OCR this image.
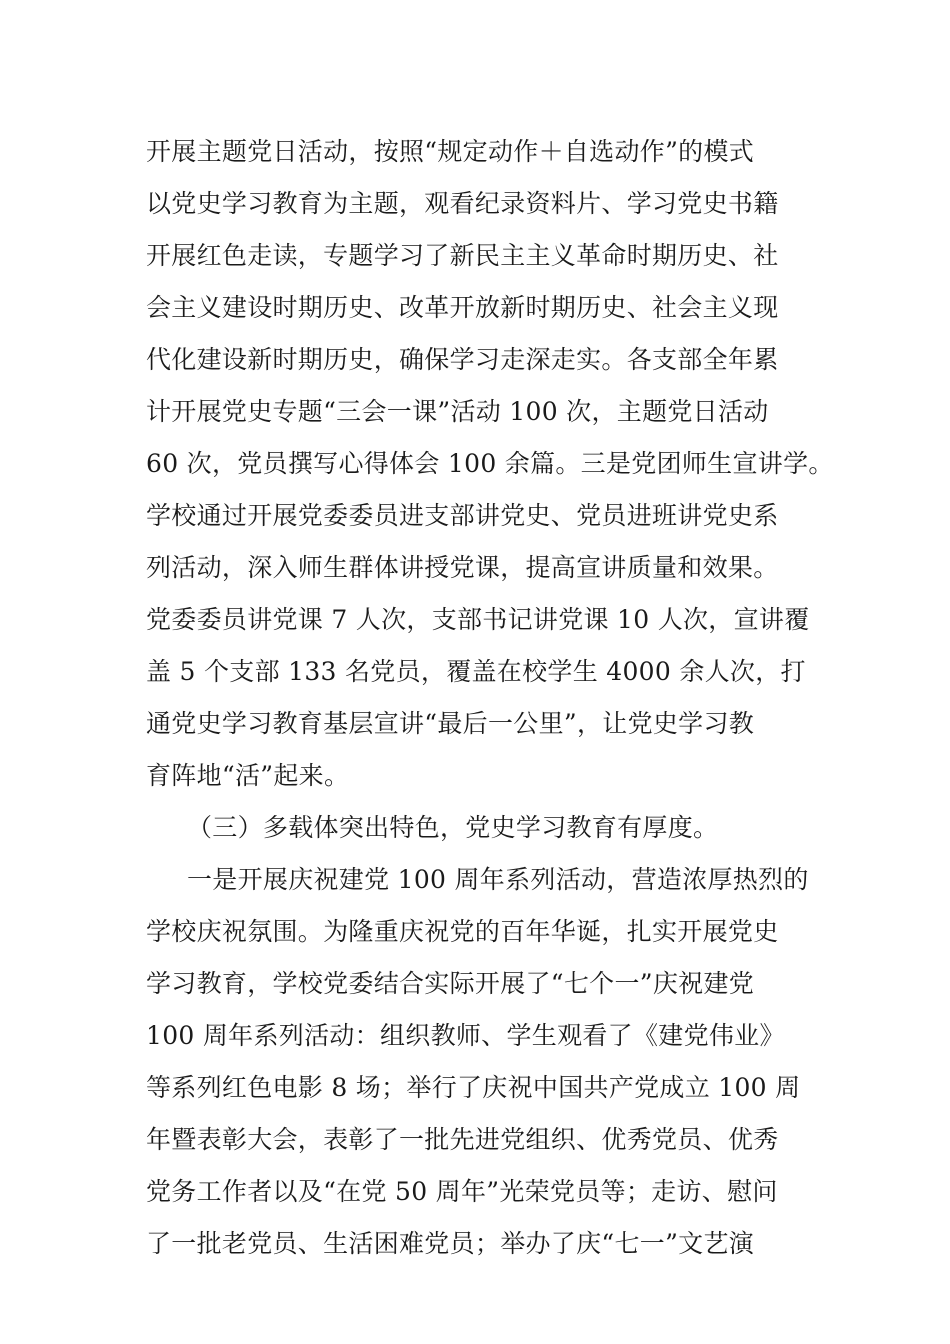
开展主题党日活动，按照“规定动作＋自选动作”的模式
以党史学习教育为主题，观看纪录资料片、学习党史书籍
开展红色走读，专题学习了新民主主义革命时期历史、社
会主义建设时期历史、改革开放新时期历史、社会主义现
代化建设新时期历史，确保学习走深走实。各支部全年累
计开展党史专题“三会一课”活动 100 次，主题党日活动
60 次，党员撰写心得体会 100 余篇。三是党团师生宣讲学。
学校通过开展党委委员进支部讲党史、党员进班讲党史系
列活动，深入师生群体讲授党课，提高宣讲质量和效果。
党委委员讲党课 7 人次，支部书记讲党课 10 人次，宣讲覆
盖 5 个支部 133 名党员，覆盖在校学生 4000 余人次，打
通党史学习教育基层宣讲“最后一公里”，让党史学习教
育阵地“活”起来。
（三）多载体突出特色，党史学习教育有厚度。
一是开展庆祝建党 100 周年系列活动，营造浓厚热烈的
学校庆祝氛围。为隆重庆祝党的百年华诞，扎实开展党史
学习教育，学校党委结合实际开展了“七个一”庆祝建党
100 周年系列活动：组织教师、学生观看了《建党伟业》
等系列红色电影 8 场；举行了庆祝中国共产党成立 100 周
年暨表彰大会，表彰了一批先进党组织、优秀党员、优秀
党务工作者以及“在党 50 周年”光荣党员等；走访、慰问
了一批老党员、生活困难党员；举办了庆“七一”文艺演
